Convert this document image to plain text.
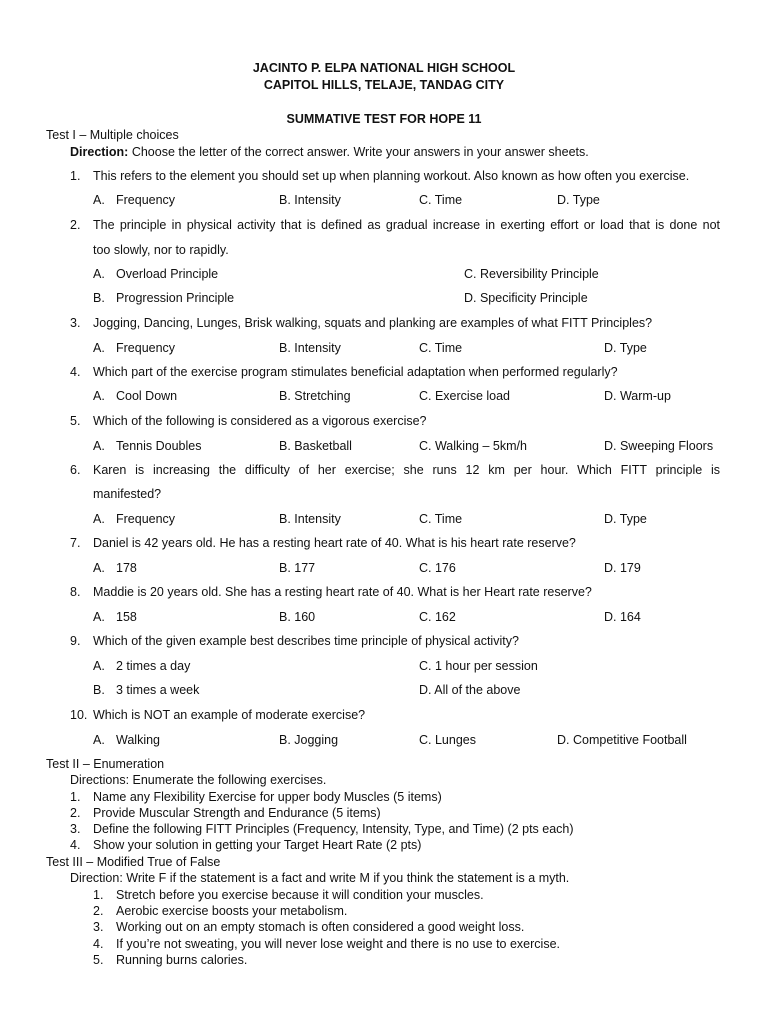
JACINTO P. ELPA NATIONAL HIGH SCHOOL
CAPITOL HILLS, TELAJE, TANDAG CITY
SUMMATIVE TEST FOR HOPE 11
Test I – Multiple choices
Direction: Choose the letter of the correct answer. Write your answers in your answer sheets.
1. This refers to the element you should set up when planning workout. Also known as how often you exercise.
A. Frequency	B. Intensity	C. Time	D. Type
2. The principle in physical activity that is defined as gradual increase in exerting effort or load that is done not
too slowly, nor to rapidly.
A. Overload Principle	C. Reversibility Principle
B. Progression Principle	D. Specificity Principle
3. Jogging, Dancing, Lunges, Brisk walking, squats and planking are examples of what FITT Principles?
A. Frequency	B. Intensity	C. Time	D. Type
4. Which part of the exercise program stimulates beneficial adaptation when performed regularly?
A. Cool Down	B. Stretching	C. Exercise load	D. Warm-up
5. Which of the following is considered as a vigorous exercise?
A. Tennis Doubles	B. Basketball	C. Walking – 5km/h	D. Sweeping Floors
6. Karen is increasing the difficulty of her exercise; she runs 12 km per hour. Which FITT principle is
manifested?
A. Frequency	B. Intensity	C. Time	D. Type
7. Daniel is 42 years old. He has a resting heart rate of 40. What is his heart rate reserve?
A. 178	B. 177	C. 176	D. 179
8. Maddie is 20 years old. She has a resting heart rate of 40. What is her Heart rate reserve?
A. 158	B. 160	C. 162	D. 164
9. Which of the given example best describes time principle of physical activity?
A. 2 times a day	C. 1 hour per session
B. 3 times a week	D. All of the above
10. Which is NOT an example of moderate exercise?
A. Walking	B. Jogging	C. Lunges	D. Competitive Football
Test II – Enumeration
Directions: Enumerate the following exercises.
1. Name any Flexibility Exercise for upper body Muscles (5 items)
2. Provide Muscular Strength and Endurance (5 items)
3. Define the following FITT Principles (Frequency, Intensity, Type, and Time) (2 pts each)
4. Show your solution in getting your Target Heart Rate (2 pts)
Test III – Modified True of False
Direction: Write F if the statement is a fact and write M if you think the statement is a myth.
1. Stretch before you exercise because it will condition your muscles.
2. Aerobic exercise boosts your metabolism.
3. Working out on an empty stomach is often considered a good weight loss.
4. If you’re not sweating, you will never lose weight and there is no use to exercise.
5. Running burns calories.
